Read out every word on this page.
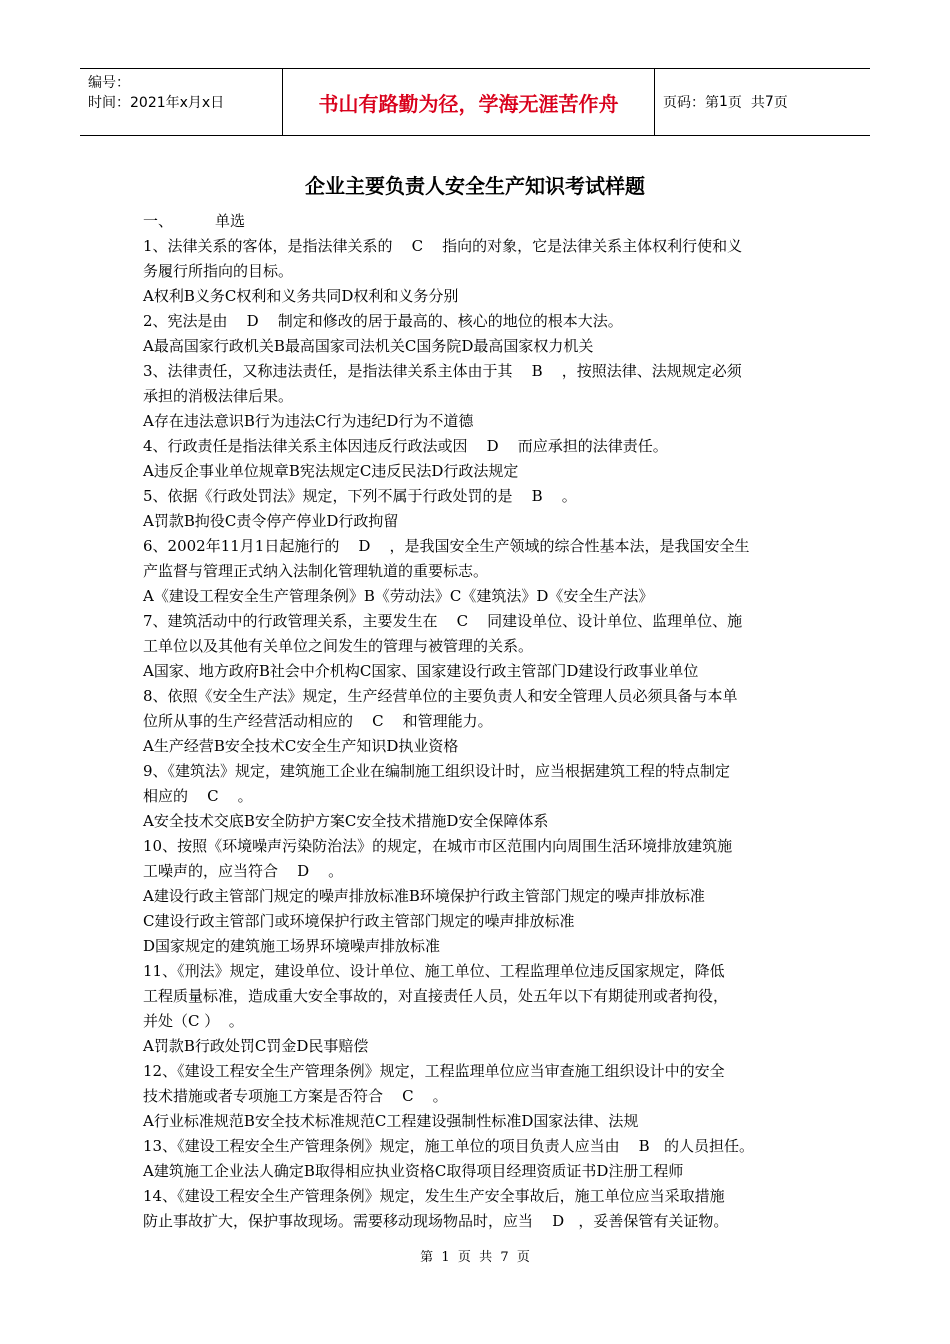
编号：
时间：2021年x月x日	书山有路勤为径，学海无涯苦作舟	页码：第 1 页  共 7 页
企业主要负责人安全生产知识考试样题
一、	单选
1、法律关系的客体，是指法律关系的    C    指向的对象，它是法律关系主体权利行使和义
务履行所指向的目标。
A权利B义务C权利和义务共同D权利和义务分别
2、宪法是由    D    制定和修改的居于最高的、核心的地位的根本大法。
A最高国家行政机关B最高国家司法机关C国务院D最高国家权力机关
3、法律责任，又称违法责任，是指法律关系主体由于其    B    ，按照法律、法规规定必须
承担的消极法律后果。
A存在违法意识B行为违法C行为违纪D行为不道德
4、行政责任是指法律关系主体因违反行政法或因    D    而应承担的法律责任。
A违反企事业单位规章B宪法规定C违反民法D行政法规定
5、依据《行政处罚法》规定，下列不属于行政处罚的是    B    。
A罚款B拘役C责令停产停业D行政拘留
6、2002年11月1日起施行的    D    ，是我国安全生产领域的综合性基本法，是我国安全生
产监督与管理正式纳入法制化管理轨道的重要标志。
A《建设工程安全生产管理条例》B《劳动法》C《建筑法》D《安全生产法》
7、建筑活动中的行政管理关系，主要发生在    C    同建设单位、设计单位、监理单位、施
工单位以及其他有关单位之间发生的管理与被管理的关系。
A国家、地方政府B社会中介机构C国家、国家建设行政主管部门D建设行政事业单位
8、依照《安全生产法》规定，生产经营单位的主要负责人和安全管理人员必须具备与本单
位所从事的生产经营活动相应的    C    和管理能力。
A生产经营B安全技术C安全生产知识D执业资格
9、《建筑法》规定，建筑施工企业在编制施工组织设计时，应当根据建筑工程的特点制定
相应的    C    。
A安全技术交底B安全防护方案C安全技术措施D安全保障体系
10、按照《环境噪声污染防治法》的规定，在城市市区范围内向周围生活环境排放建筑施
工噪声的，应当符合    D    。
A建设行政主管部门规定的噪声排放标准B环境保护行政主管部门规定的噪声排放标准
C建设行政主管部门或环境保护行政主管部门规定的噪声排放标准
D国家规定的建筑施工场界环境噪声排放标准
11、《刑法》规定，建设单位、设计单位、施工单位、工程监理单位违反国家规定，降低
工程质量标准，造成重大安全事故的，对直接责任人员，处五年以下有期徒刑或者拘役，
并处（C ）  。
A罚款B行政处罚C罚金D民事赔偿
12、《建设工程安全生产管理条例》规定，工程监理单位应当审查施工组织设计中的安全
技术措施或者专项施工方案是否符合    C    。
A行业标准规范B安全技术标准规范C工程建设强制性标准D国家法律、法规
13、《建设工程安全生产管理条例》规定，施工单位的项目负责人应当由    B   的人员担任。
A建筑施工企业法人确定B取得相应执业资格C取得项目经理资质证书D注册工程师
14、《建设工程安全生产管理条例》规定，发生生产安全事故后，施工单位应当采取措施
防止事故扩大，保护事故现场。需要移动现场物品时，应当    D   ，妥善保管有关证物。
第  1  页  共  7  页
